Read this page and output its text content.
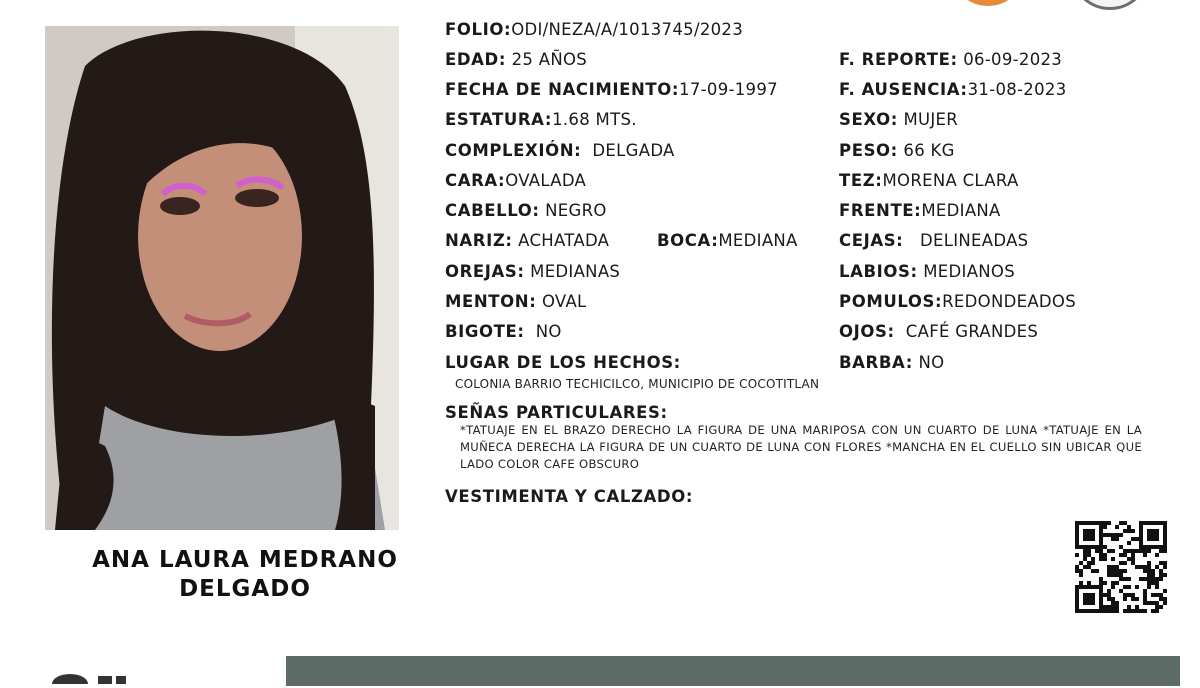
ANA LAURA MEDRANO
DELGADO
FOLIO:ODI/NEZA/A/1013745/2023
EDAD: 25 AÑOS
FECHA DE NACIMIENTO:17-09-1997
ESTATURA:1.68 MTS.
COMPLEXIÓN: DELGADA
CARA:OVALADA
CABELLO: NEGRO
NARIZ: ACHATADA	BOCA:MEDIANA
OREJAS: MEDIANAS
MENTON: OVAL
BIGOTE: NO
LUGAR DE LOS HECHOS:
COLONIA BARRIO TECHICILCO, MUNICIPIO DE COCOTITLAN
SEÑAS PARTICULARES:
*TATUAJE EN EL BRAZO DERECHO LA FIGURA DE UNA MARIPOSA CON UN CUARTO DE LUNA *TATUAJE EN LA MUÑECA DERECHA LA FIGURA DE UN CUARTO DE LUNA CON FLORES *MANCHA EN EL CUELLO SIN UBICAR QUE LADO COLOR CAFE OBSCURO
VESTIMENTA Y CALZADO:
F. REPORTE: 06-09-2023
F. AUSENCIA:31-08-2023
SEXO: MUJER
PESO: 66 KG
TEZ:MORENA CLARA
FRENTE:MEDIANA
CEJAS: DELINEADAS
LABIOS: MEDIANOS
POMULOS:REDONDEADOS
OJOS: CAFÉ GRANDES
BARBA: NO
